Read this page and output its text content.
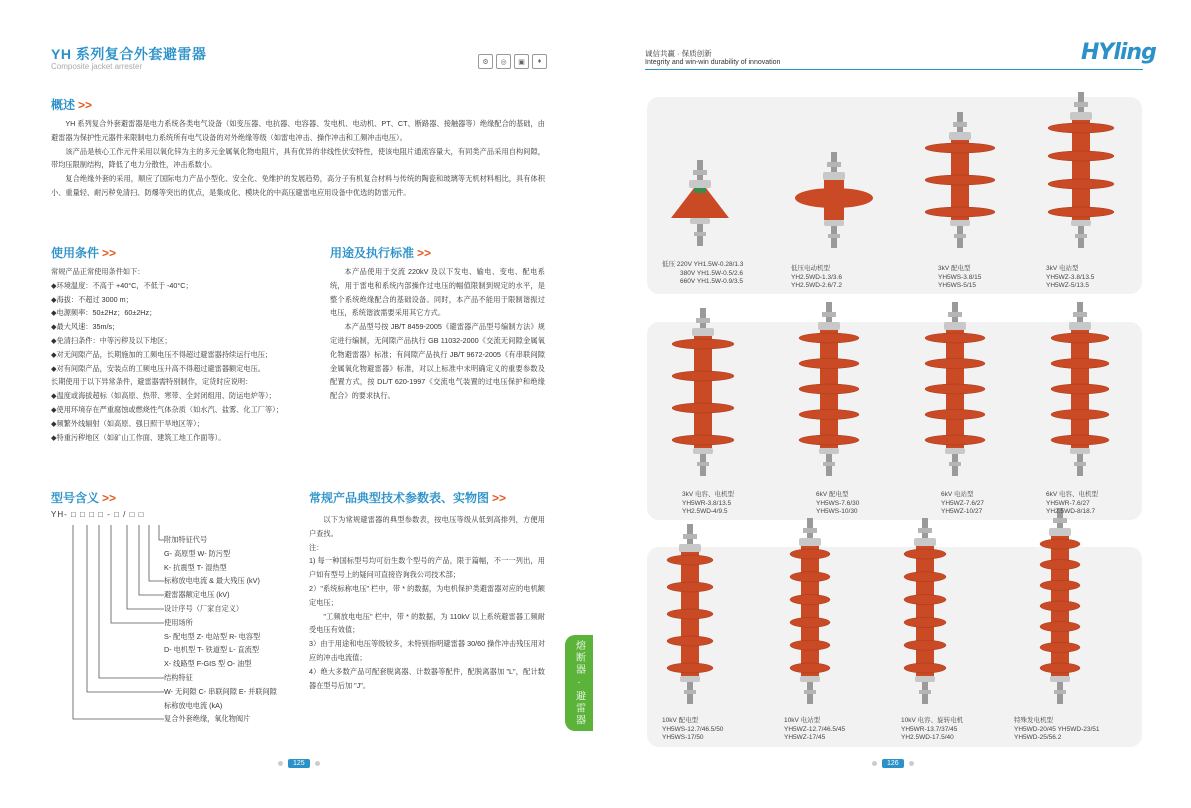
YH 系列复合外套避雷器
Composite jacket arrester	⚙	◎	▣	♦
概述 >>

YH 系列复合外套避雷器是电力系统各类电气设备（如变压器、电抗器、电容器、发电机、电动机、PT、CT、断路器、接触器等）绝缘配合的基础，由避雷器为保护性元器件来限制电力系统所有电气设备的对外绝缘等级（如雷电冲击、操作冲击和工频冲击电压）。

该产品是核心工作元件采用以氧化锌为主的多元金属氧化物电阻片，具有优异的非线性伏安特性，使该电阻片通流容量大，有同类产品采用自构间隙，带均压限制结构，降低了电力分散性，冲击系数小。

复合绝缘外套的采用，顺应了国际电力产品小型化、安全化、免维护的发展趋势，高分子有机复合材料与传统的陶瓷和玻璃等无机材料相比，具有体积小、重量轻、耐污秽免清扫、防爆等突出的优点，是集成化、模块化的中高压避雷电应用设备中优选的防雷元件。

使用条件 >>
常规产品正常使用条件如下：
◆环境温度：不高于 +40°C，不低于 -40°C；
◆海拔：不超过 3000 m；
◆电源频率：50±2Hz；60±2Hz；
◆最大风速：35m/s；
◆免清扫条件：中等污秽及以下地区；
◆对无间隙产品，长期施加的工频电压不得超过避雷器持续运行电压；
◆对有间隙产品，安装点的工频电压升高不得超过避雷器额定电压。
长期使用于以下异常条件，避雷器需特别制作，定货时应说明：
◆温度或海拔超标（如高原、热带、寒带、全封闭组用、防运电炉等）；
◆使用环境存在严重腐蚀或燃烧性气体杂质（如水汽、盐雾、化工厂等）；
◆频繁外线辐射（如高原、强日照干旱地区等）；
◆特重污秽地区（如矿山工作面、建筑工地工作面等）。
用途及执行标准 >>

本产品使用于交流 220kV 及以下发电、输电、变电、配电系统，用于雷电和系统内部操作过电压的幅值限制到规定的水平，是整个系统绝缘配合的基础设备。同时，本产品不能用于限制谐振过电压，系统谐波需要采用其它方式。

本产品型号按 JB/T 8459-2005《避雷器产品型号编制方法》规定进行编制，无间隙产品执行 GB 11032-2000《交流无间隙金属氧化物避雷器》标准；有间隙产品执行 JB/T 9672-2005《有串联间隙金属氧化物避雷器》标准，对以上标准中未明确定义的重要参数及配置方式，按 DL/T 620-1997《交流电气装置的过电压保护和绝缘配合》的要求执行。

型号含义 >>
YH- □ □ □ □ - □ / □ □
附加特征代号
G- 高原型 W- 防污型
K- 抗震型 T- 湿热型
标称放电电流 & 最大残压 (kV)
避雷器额定电压 (kV)
设计序号（厂家自定义）
使用场所
S- 配电型 Z- 电站型 R- 电容型
D- 电机型 T- 铁道型 L- 直流型
X- 线路型 F-GIS 型 O- 油型
结构特征
W- 无间隙 C- 串联间隙 E- 并联间隙
标称放电电流 (kA)
复合外套绝缘，氧化物阀片
常规产品典型技术参数表、实物图 >>

以下为常规避雷器的典型参数表，按电压等级从低到高排列，方便用户查找。

注：

1) 每一种国标型号均可衍生数个型号的产品，限于篇幅，不一一列出，用户如有型号上的疑问可直接咨询我公司技术部；

2）"系统标称电压" 栏中，带 * 的数据，为电机保护类避雷器对应的电机额定电压；

"工频放电电压" 栏中，带 * 的数据，为 110kV 以上系统避雷器工频耐受电压有效值；

3）由于用途和电压等级较多，未特别指明避雷器 30/60 操作冲击残压用对应的冲击电流值；

4）绝大多数产品可配套脱离器、计数器等配件，配脱离器加 "L"，配计数器在型号后加 "J"。

125
诚信共赢 · 保质创新
Integrity and win-win durability of innovation	HYling
低压 220V YH1.5W-0.28/1.3
380V YH1.5W-0.5/2.6
660V YH1.5W-0.9/3.5
低压电动机型
YH2.5WD-1.3/3.6
YH2.5WD-2.6/7.2
3kV 配电型
YH5WS-3.8/15
YH5WS-5/15
3kV 电站型
YH5WZ-3.8/13.5
YH5WZ-5/13.5
3kV 电容、电机型
YH5WR-3.8/13.5
YH2.5WD-4/9.5
6kV 配电型
YH5WS-7.6/30
YH5WS-10/30
6kV 电站型
YH5WZ-7.6/27
YH5WZ-10/27
6kV 电容、电机型
YH5WR-7.6/27
YH2.5WD-8/18.7
10kV 配电型
YH5WS-12.7/46.5/50
YH5WS-17/50
10kV 电站型
YH5WZ-12.7/46.5/45
YH5WZ-17/45
10kV 电容、旋转电机
YH5WR-13.7/37/45
YH2.5WD-17.5/40
特殊发电机型
YH5WD-20/45 YH5WD-23/51
YH5WD-25/56.2
126
熔断器 · 避雷器
